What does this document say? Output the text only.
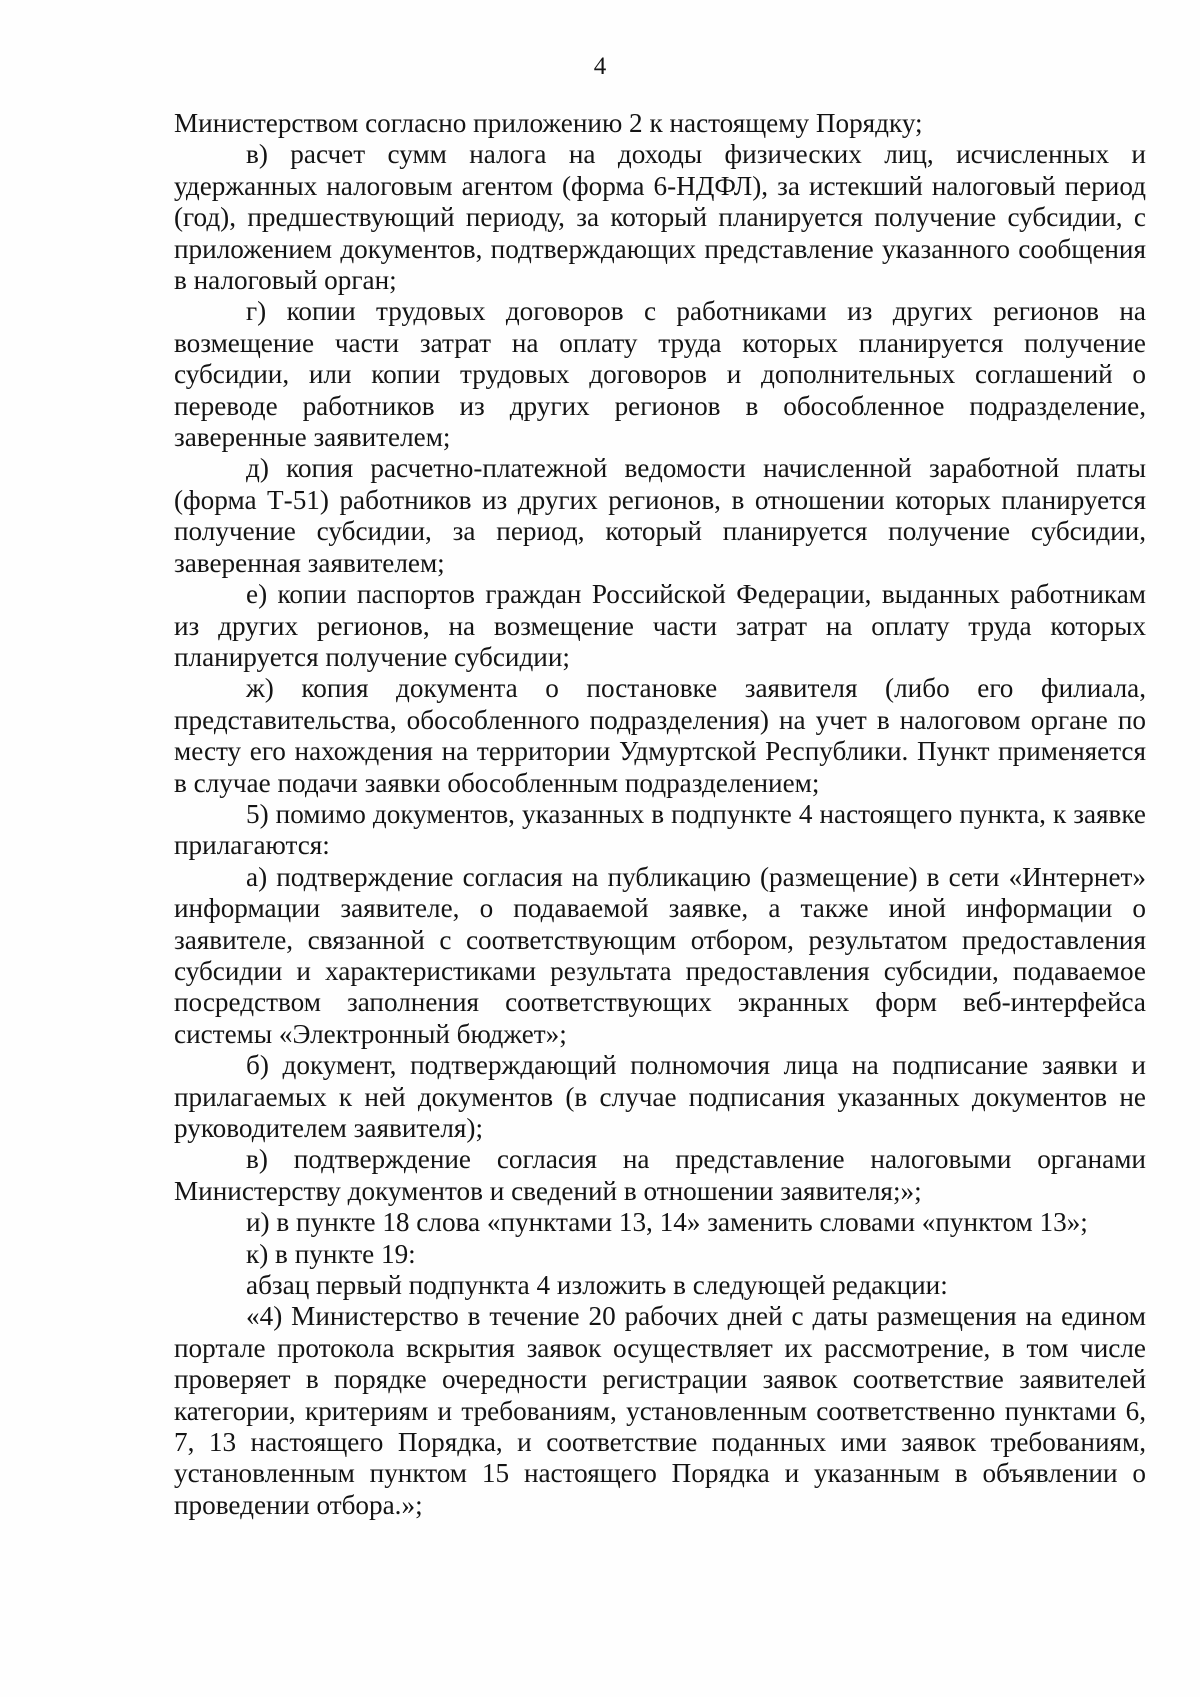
4

Министерством согласно приложению 2 к настоящему Порядку;

в) расчет сумм налога на доходы физических лиц, исчисленных и удержанных налоговым агентом (форма 6-НДФЛ), за истекший налоговый период (год), предшествующий периоду, за который планируется получение субсидии, с приложением документов, подтверждающих представление указанного сообщения в налоговый орган;

г) копии трудовых договоров с работниками из других регионов на возмещение части затрат на оплату труда которых планируется получение субсидии, или копии трудовых договоров и дополнительных соглашений о переводе работников из других регионов в обособленное подразделение, заверенные заявителем;

д) копия расчетно-платежной ведомости начисленной заработной платы (форма Т-51) работников из других регионов, в отношении которых планируется получение субсидии, за период, который планируется получение субсидии, заверенная заявителем;

е) копии паспортов граждан Российской Федерации, выданных работникам из других регионов, на возмещение части затрат на оплату труда которых планируется получение субсидии;

ж) копия документа о постановке заявителя (либо его филиала, представительства, обособленного подразделения) на учет в налоговом органе по месту его нахождения на территории Удмуртской Республики. Пункт применяется в случае подачи заявки обособленным подразделением;

5) помимо документов, указанных в подпункте 4 настоящего пункта, к заявке прилагаются:

а) подтверждение согласия на публикацию (размещение) в сети «Интернет» информации заявителе, о подаваемой заявке, а также иной информации о заявителе, связанной с соответствующим отбором, результатом предоставления субсидии и характеристиками результата предоставления субсидии, подаваемое посредством заполнения соответствующих экранных форм веб-интерфейса системы «Электронный бюджет»;

б) документ, подтверждающий полномочия лица на подписание заявки и прилагаемых к ней документов (в случае подписания указанных документов не руководителем заявителя);

в) подтверждение согласия на представление налоговыми органами Министерству документов и сведений в отношении заявителя;»;

и) в пункте 18 слова «пунктами 13, 14» заменить словами «пунктом 13»;

к) в пункте 19:

абзац первый подпункта 4 изложить в следующей редакции:

«4) Министерство в течение 20 рабочих дней с даты размещения на едином портале протокола вскрытия заявок осуществляет их рассмотрение, в том числе проверяет в порядке очередности регистрации заявок соответствие заявителей категории, критериям и требованиям, установленным соответственно пунктами 6, 7, 13 настоящего Порядка, и соответствие поданных ими заявок требованиям, установленным пунктом 15 настоящего Порядка и указанным в объявлении о проведении отбора.»;
